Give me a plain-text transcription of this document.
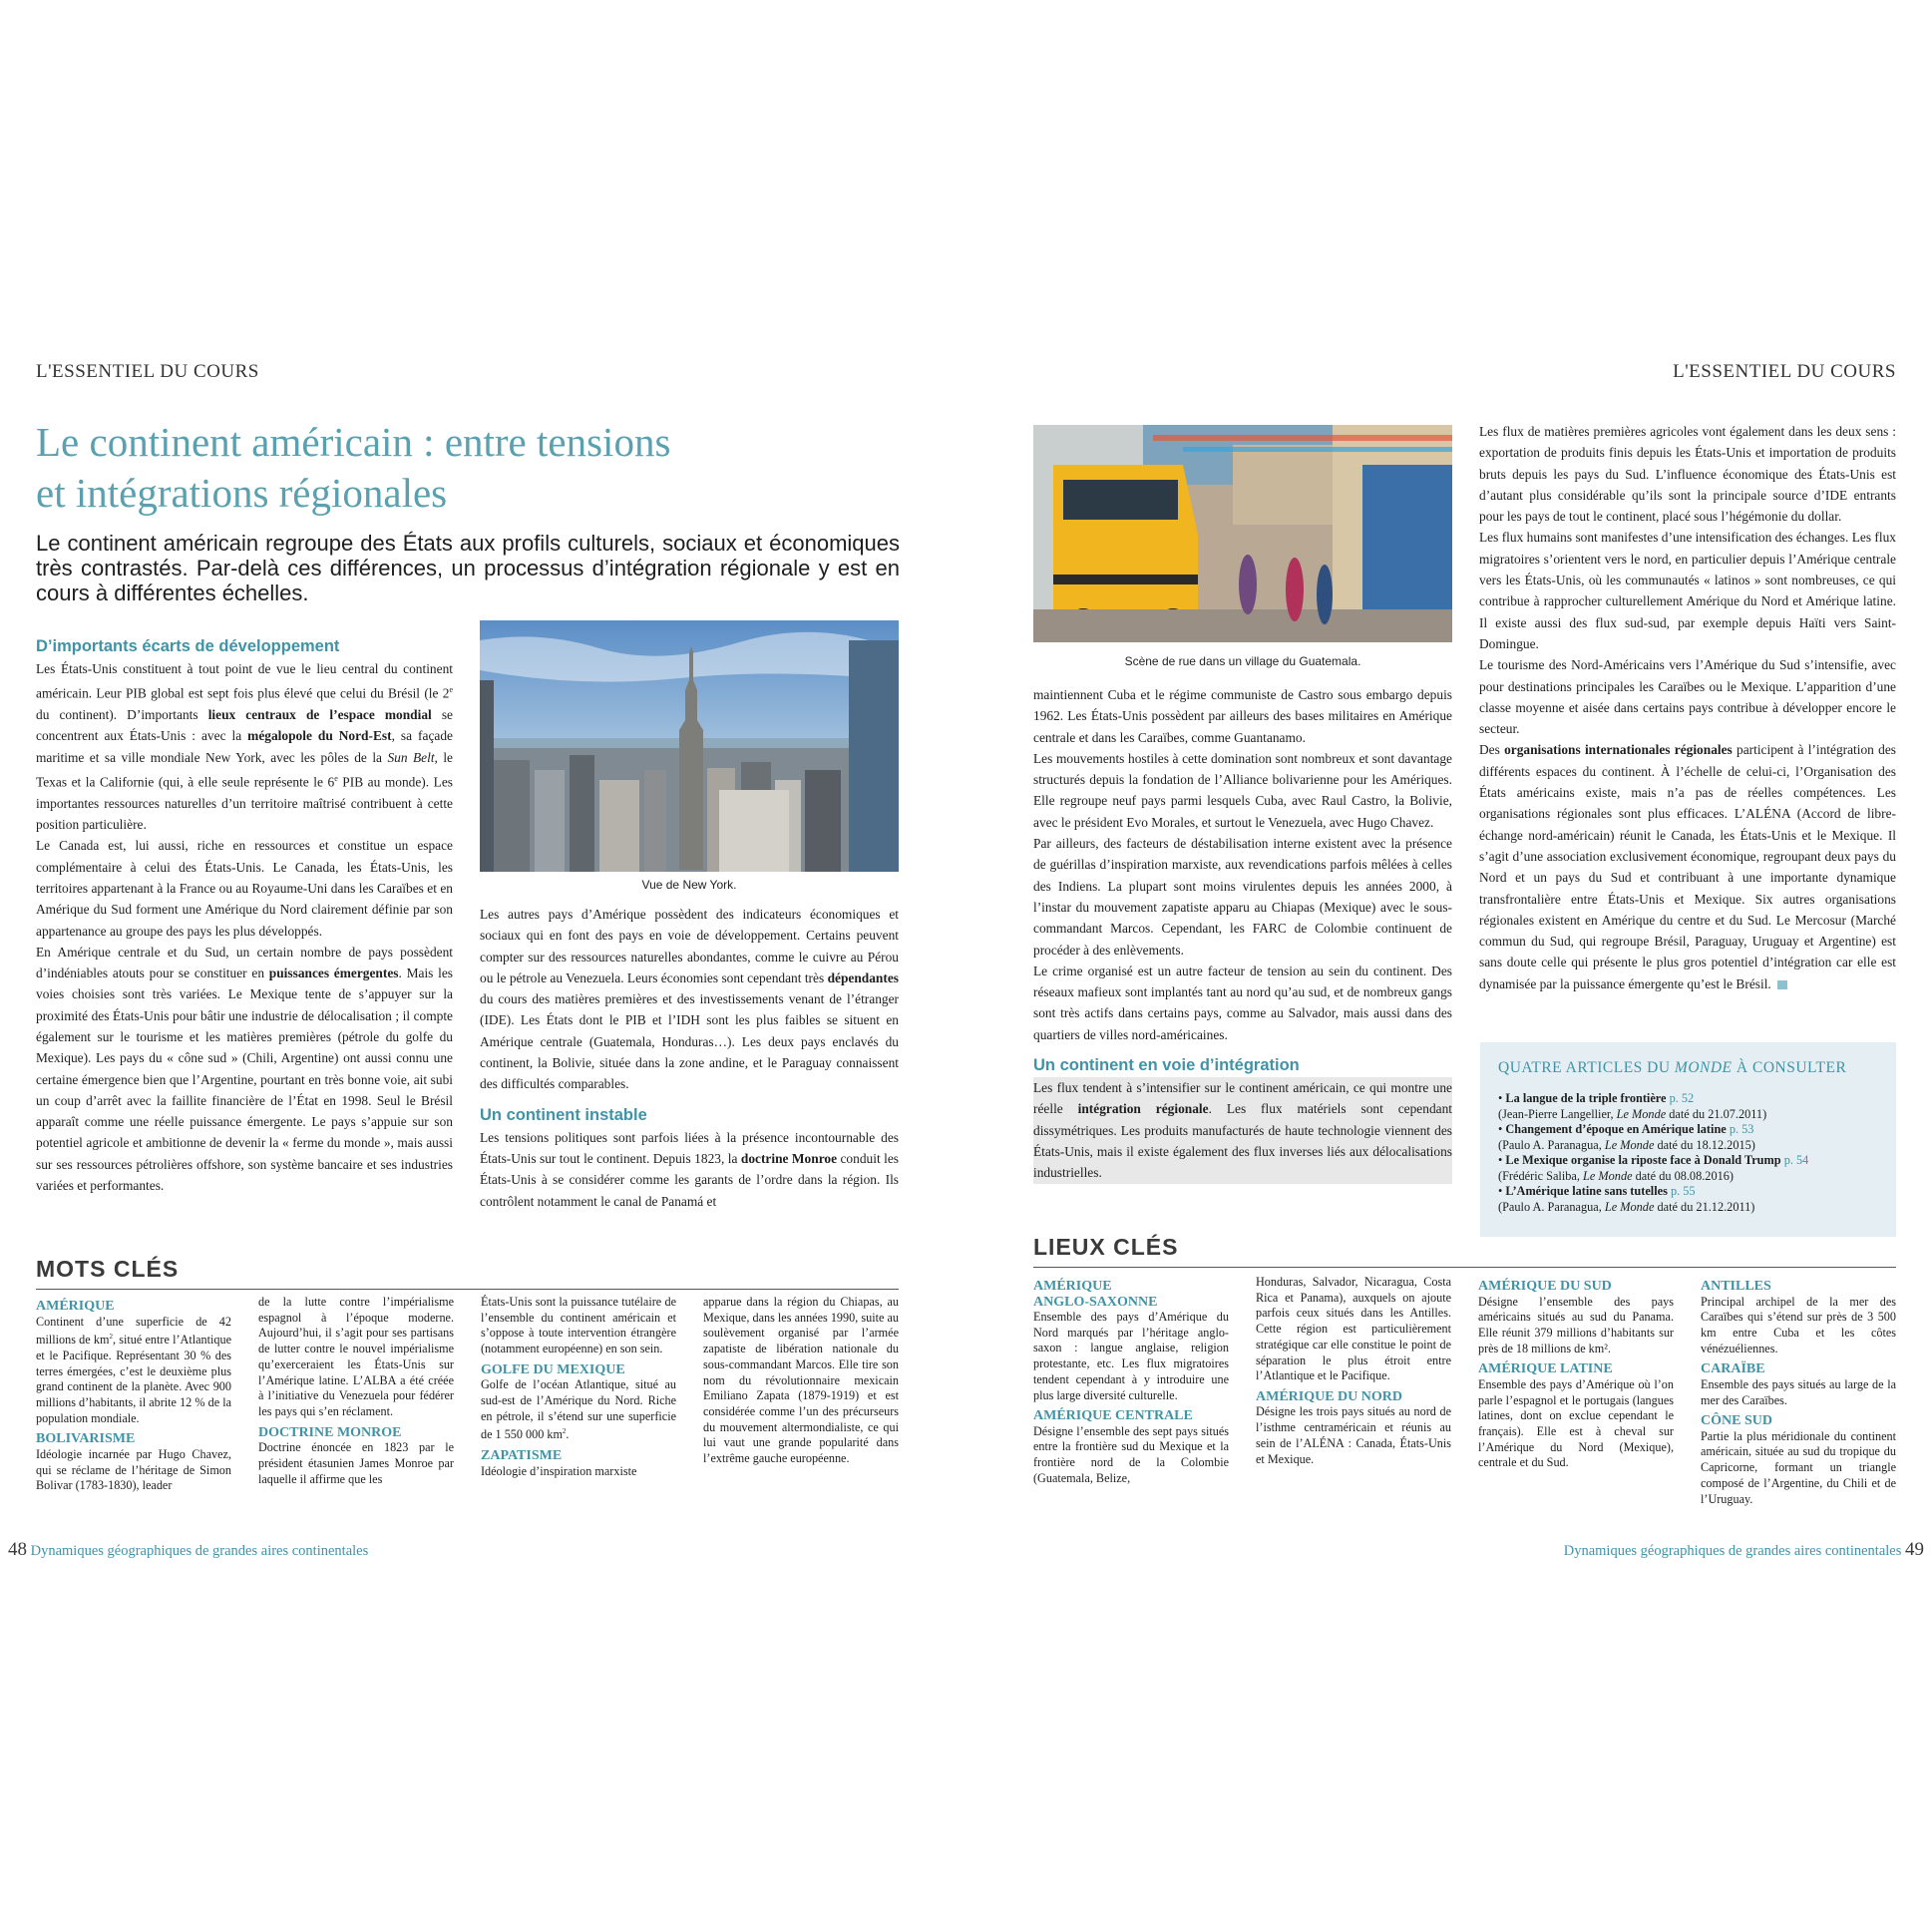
L'ESSENTIEL DU COURS	L'ESSENTIEL DU COURS
Le continent américain : entre tensions
et intégrations régionales

Le continent américain regroupe des États aux profils culturels, sociaux et économiques très contrastés. Par-delà ces différences, un processus d’intégration régionale y est en cours à différentes échelles.

D’importants écarts de développement

Les États-Unis constituent à tout point de vue le lieu central du continent américain. Leur PIB global est sept fois plus élevé que celui du Brésil (le 2e du continent). D’importants lieux centraux de l’espace mondial se concentrent aux États-Unis : avec la mégalopole du Nord-Est, sa façade maritime et sa ville mondiale New York, avec les pôles de la Sun Belt, le Texas et la Californie (qui, à elle seule représente le 6e PIB au monde). Les importantes ressources naturelles d’un territoire maîtrisé contribuent à cette position particulière.

Le Canada est, lui aussi, riche en ressources et constitue un espace complémentaire à celui des États-Unis. Le Canada, les États-Unis, les territoires appartenant à la France ou au Royaume-Uni dans les Caraïbes et en Amérique du Sud forment une Amérique du Nord clairement définie par son appartenance au groupe des pays les plus développés.

En Amérique centrale et du Sud, un certain nombre de pays possèdent d’indéniables atouts pour se constituer en puissances émergentes. Mais les voies choisies sont très variées. Le Mexique tente de s’appuyer sur la proximité des États-Unis pour bâtir une industrie de délocalisation ; il compte également sur le tourisme et les matières premières (pétrole du golfe du Mexique). Les pays du « cône sud » (Chili, Argentine) ont aussi connu une certaine émergence bien que l’Argentine, pourtant en très bonne voie, ait subi un coup d’arrêt avec la faillite financière de l’État en 1998. Seul le Brésil apparaît comme une réelle puissance émergente. Le pays s’appuie sur son potentiel agricole et ambitionne de devenir la « ferme du monde », mais aussi sur ses ressources pétrolières offshore, son système bancaire et ses industries variées et performantes.

Vue de New York.

Les autres pays d’Amérique possèdent des indicateurs économiques et sociaux qui en font des pays en voie de développement. Certains peuvent compter sur des ressources naturelles abondantes, comme le cuivre au Pérou ou le pétrole au Venezuela. Leurs économies sont cependant très dépendantes du cours des matières premières et des investissements venant de l’étranger (IDE). Les États dont le PIB et l’IDH sont les plus faibles se situent en Amérique centrale (Guatemala, Honduras…). Les deux pays enclavés du continent, la Bolivie, située dans la zone andine, et le Paraguay connaissent des difficultés comparables.

Un continent instable

Les tensions politiques sont parfois liées à la présence incontournable des États-Unis sur tout le continent. Depuis 1823, la doctrine Monroe conduit les États-Unis à se considérer comme les garants de l’ordre dans la région. Ils contrôlent notamment le canal de Panamá et

Scène de rue dans un village du Guatemala.

maintiennent Cuba et le régime communiste de Castro sous embargo depuis 1962. Les États-Unis possèdent par ailleurs des bases militaires en Amérique centrale et dans les Caraïbes, comme Guantanamo.

Les mouvements hostiles à cette domination sont nombreux et sont davantage structurés depuis la fondation de l’Alliance bolivarienne pour les Amériques. Elle regroupe neuf pays parmi lesquels Cuba, avec Raul Castro, la Bolivie, avec le président Evo Morales, et surtout le Venezuela, avec Hugo Chavez.

Par ailleurs, des facteurs de déstabilisation interne existent avec la présence de guérillas d’inspiration marxiste, aux revendications parfois mêlées à celles des Indiens. La plupart sont moins virulentes depuis les années 2000, à l’instar du mouvement zapatiste apparu au Chiapas (Mexique) avec le sous-commandant Marcos. Cependant, les FARC de Colombie continuent de procéder à des enlèvements.

Le crime organisé est un autre facteur de tension au sein du continent. Des réseaux mafieux sont implantés tant au nord qu’au sud, et de nombreux gangs sont très actifs dans certains pays, comme au Salvador, mais aussi dans des quartiers de villes nord-américaines.

Un continent en voie d’intégration

Les flux tendent à s’intensifier sur le continent américain, ce qui montre une réelle intégration régionale. Les flux matériels sont cependant dissymétriques. Les produits manufacturés de haute technologie viennent des États-Unis, mais il existe également des flux inverses liés aux délocalisations industrielles.

Les flux de matières premières agricoles vont également dans les deux sens : exportation de produits finis depuis les États-Unis et importation de produits bruts depuis les pays du Sud. L’influence économique des États-Unis est d’autant plus considérable qu’ils sont la principale source d’IDE entrants pour les pays de tout le continent, placé sous l’hégémonie du dollar.

Les flux humains sont manifestes d’une intensification des échanges. Les flux migratoires s’orientent vers le nord, en particulier depuis l’Amérique centrale vers les États-Unis, où les communautés « latinos » sont nombreuses, ce qui contribue à rapprocher culturellement Amérique du Nord et Amérique latine. Il existe aussi des flux sud-sud, par exemple depuis Haïti vers Saint-Domingue.

Le tourisme des Nord-Américains vers l’Amérique du Sud s’intensifie, avec pour destinations principales les Caraïbes ou le Mexique. L’apparition d’une classe moyenne et aisée dans certains pays contribue à développer encore le secteur.

Des organisations internationales régionales participent à l’intégration des différents espaces du continent. À l’échelle de celui-ci, l’Organisation des États américains existe, mais n’a pas de réelles compétences. Les organisations régionales sont plus efficaces. L’ALÉNA (Accord de libre-échange nord-américain) réunit le Canada, les États-Unis et le Mexique. Il s’agit d’une association exclusivement économique, regroupant deux pays du Nord et un pays du Sud et contribuant à une importante dynamique transfrontalière entre États-Unis et Mexique. Six autres organisations régionales existent en Amérique du centre et du Sud. Le Mercosur (Marché commun du Sud, qui regroupe Brésil, Paraguay, Uruguay et Argentine) est sans doute celle qui présente le plus gros potentiel d’intégration car elle est dynamisée par la puissance émergente qu’est le Brésil.

QUATRE ARTICLES DU MONDE À CONSULTER
• La langue de la triple frontière p. 52
(Jean-Pierre Langellier, Le Monde daté du 21.07.2011)
• Changement d’époque en Amérique latine p. 53
(Paulo A. Paranagua, Le Monde daté du 18.12.2015)
• Le Mexique organise la riposte face à Donald Trump p. 54
(Frédéric Saliba, Le Monde daté du 08.08.2016)
• L’Amérique latine sans tutelles p. 55
(Paulo A. Paranagua, Le Monde daté du 21.12.2011)
MOTS CLÉS
AMÉRIQUE

Continent d’une superficie de 42 millions de $km^2$, situé entre l’Atlantique et le Pacifique. Représentant 30 % des terres émergées, c’est le deuxième plus grand continent de la planète. Avec 900 millions d’habitants, il abrite 12 % de la population mondiale.

BOLIVARISME

Idéologie incarnée par Hugo Chavez, qui se réclame de l’héritage de Simon Bolivar (1783-1830), leader

de la lutte contre l’impérialisme espagnol à l’époque moderne. Aujourd’hui, il s’agit pour ses partisans de lutter contre le nouvel impérialisme qu’exerceraient les États-Unis sur l’Amérique latine. L’ALBA a été créée à l’initiative du Venezuela pour fédérer les pays qui s’en réclament.

DOCTRINE MONROE

Doctrine énoncée en 1823 par le président étasunien James Monroe par laquelle il affirme que les

États-Unis sont la puissance tutélaire de l’ensemble du continent américain et s’oppose à toute intervention étrangère (notamment européenne) en son sein.

GOLFE DU MEXIQUE

Golfe de l’océan Atlantique, situé au sud-est de l’Amérique du Nord. Riche en pétrole, il s’étend sur une superficie de 1 550 000 $km^2$.

ZAPATISME

Idéologie d’inspiration marxiste

apparue dans la région du Chiapas, au Mexique, dans les années 1990, suite au soulèvement organisé par l’armée zapatiste de libération nationale du sous-commandant Marcos. Elle tire son nom du révolutionnaire mexicain Emiliano Zapata (1879-1919) et est considérée comme l’un des précurseurs du mouvement altermondialiste, ce qui lui vaut une grande popularité dans l’extrême gauche européenne.

LIEUX CLÉS
AMÉRIQUE
ANGLO-SAXONNE

Ensemble des pays d’Amérique du Nord marqués par l’héritage anglo-saxon : langue anglaise, religion protestante, etc. Les flux migratoires tendent cependant à y introduire une plus large diversité culturelle.

AMÉRIQUE CENTRALE

Désigne l’ensemble des sept pays situés entre la frontière sud du Mexique et la frontière nord de la Colombie (Guatemala, Belize,

Honduras, Salvador, Nicaragua, Costa Rica et Panama), auxquels on ajoute parfois ceux situés dans les Antilles. Cette région est particulièrement stratégique car elle constitue le point de séparation le plus étroit entre l’Atlantique et le Pacifique.

AMÉRIQUE DU NORD

Désigne les trois pays situés au nord de l’isthme centraméricain et réunis au sein de l’ALÉNA : Canada, États-Unis et Mexique.

AMÉRIQUE DU SUD

Désigne l’ensemble des pays américains situés au sud du Panama. Elle réunit 379 millions d’habitants sur près de 18 millions de km².

AMÉRIQUE LATINE

Ensemble des pays d’Amérique où l’on parle l’espagnol et le portugais (langues latines, dont on exclue cependant le français). Elle est à cheval sur l’Amérique du Nord (Mexique), centrale et du Sud.

ANTILLES

Principal archipel de la mer des Caraïbes qui s’étend sur près de 3 500 km entre Cuba et les côtes vénézuéliennes.

CARAÏBE

Ensemble des pays situés au large de la mer des Caraïbes.

CÔNE SUD

Partie la plus méridionale du continent américain, située au sud du tropique du Capricorne, formant un triangle composé de l’Argentine, du Chili et de l’Uruguay.

48 Dynamiques géographiques de grandes aires continentales	Dynamiques géographiques de grandes aires continentales 49
